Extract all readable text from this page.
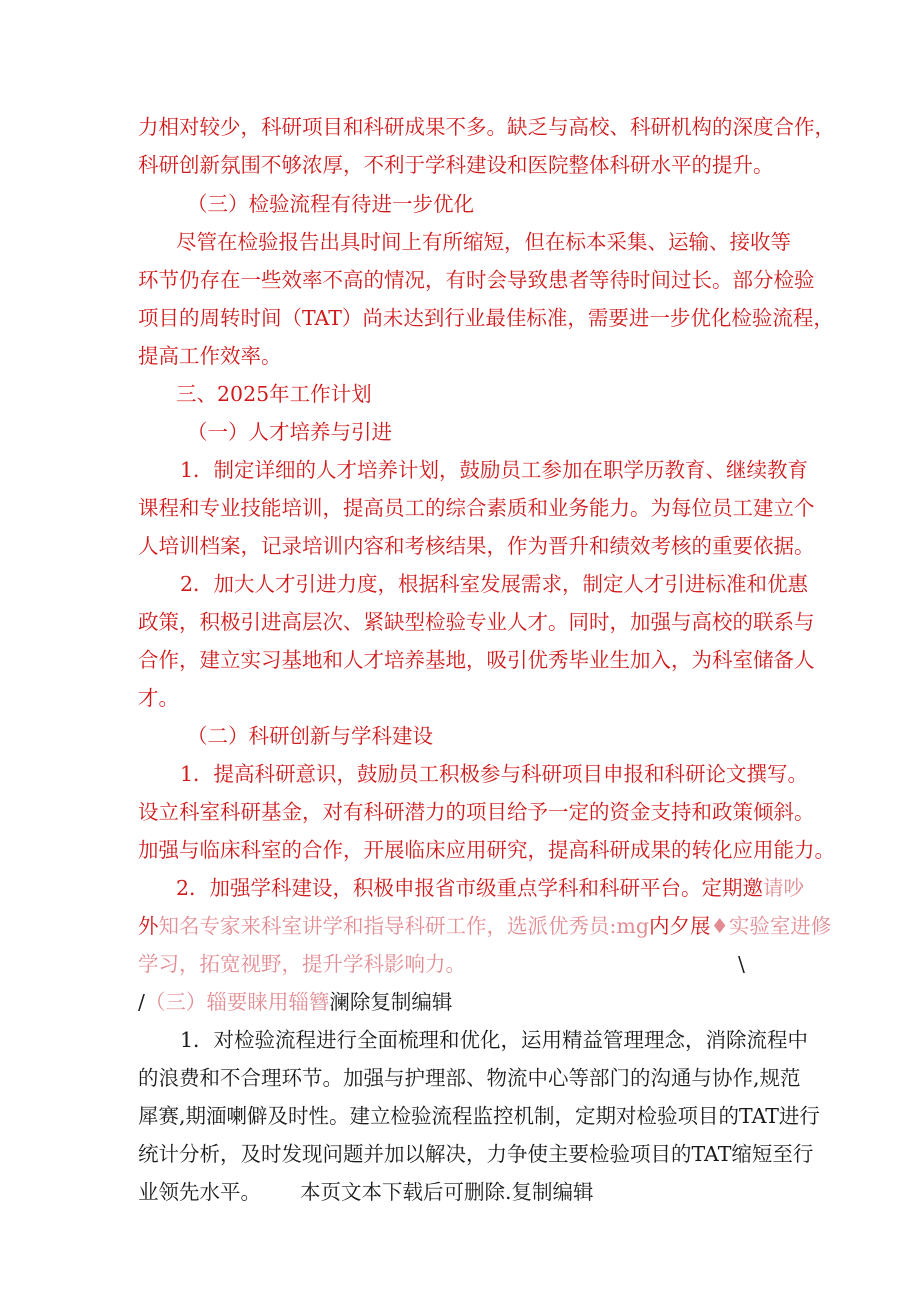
力相对较少，科研项目和科研成果不多。缺乏与高校、科研机构的深度合作，
科研创新氛围不够浓厚，不利于学科建设和医院整体科研水平的提升。
（三）检验流程有待进一步优化
尽管在检验报告出具时间上有所缩短，但在标本采集、运输、接收等
环节仍存在一些效率不高的情况，有时会导致患者等待时间过长。部分检验
项目的周转时间（TAT）尚未达到行业最佳标准，需要进一步优化检验流程，
提高工作效率。
三、2025年工作计划
（一）人才培养与引进
1．制定详细的人才培养计划，鼓励员工参加在职学历教育、继续教育
课程和专业技能培训，提高员工的综合素质和业务能力。为每位员工建立个
人培训档案，记录培训内容和考核结果，作为晋升和绩效考核的重要依据。
2．加大人才引进力度，根据科室发展需求，制定人才引进标准和优惠
政策，积极引进高层次、紧缺型检验专业人才。同时，加强与高校的联系与
合作，建立实习基地和人才培养基地，吸引优秀毕业生加入，为科室储备人
才。
（二）科研创新与学科建设
1．提高科研意识，鼓励员工积极参与科研项目申报和科研论文撰写。
设立科室科研基金，对有科研潜力的项目给予一定的资金支持和政策倾斜。
加强与临床科室的合作，开展临床应用研究，提高科研成果的转化应用能力。
2．加强学科建设，积极申报省市级重点学科和科研平台。定期邀请吵
外知名专家来科室讲学和指导科研工作，选派优秀员:mg内夕展♦实验室进修
学习，拓宽视野，提升学科影响力。	\
/（三）辎要睐用辎簪澜除复制编辑
1．对检验流程进行全面梳理和优化，运用精益管理理念，消除流程中
的浪费和不合理环节。加强与护理部、物流中心等部门的沟通与协作,规范
犀赛,期湎喇僻及时性。建立检验流程监控机制，定期对检验项目的TAT进行
统计分析，及时发现问题并加以解决，力争使主要检验项目的TAT缩短至行
业领先水平。 本页文本下载后可删除.复制编辑
